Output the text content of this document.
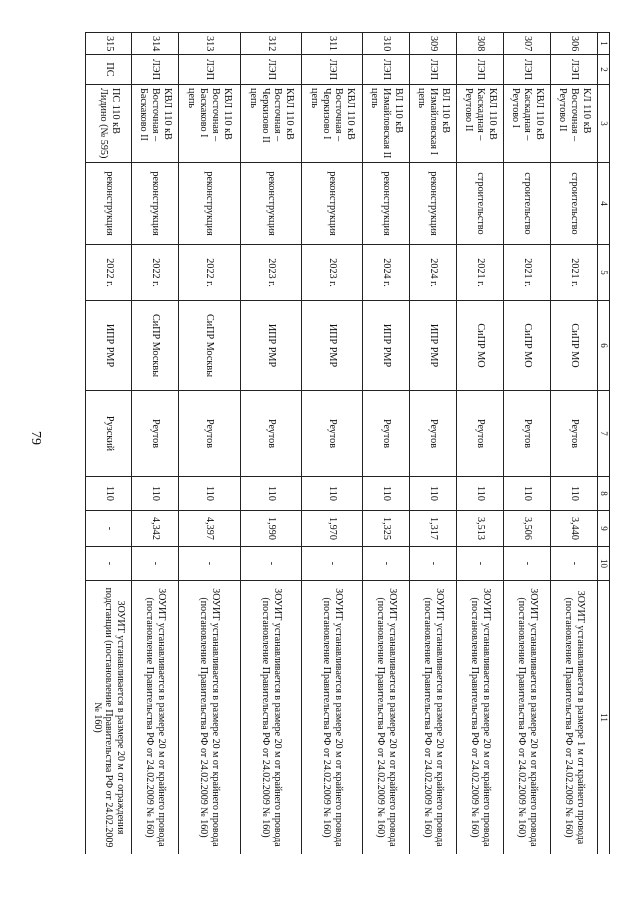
79
1	2	3	4	5	6	7	8	9	10	11
306	ЛЭП	КЛ 110 кВ Восточная – Реутово II	строительство	2021 г.	СиПР МО	Реутов	110	3,440	-	ЗОУИТ устанавливается в размере 1 м от крайнего провода (постановление Правительства РФ от 24.02.2009 № 160)
307	ЛЭП	КВЛ 110 кВ Каскадная – Реутово I	строительство	2021 г.	СиПР МО	Реутов	110	3,506	-	ЗОУИТ устанавливается в размере 20 м от крайнего провода (постановление Правительства РФ от 24.02.2009 № 160)
308	ЛЭП	КВЛ 110 кВ Каскадная – Реутово II	строительство	2021 г.	СиПР МО	Реутов	110	3,513	-	ЗОУИТ устанавливается в размере 20 м от крайнего провода (постановление Правительства РФ от 24.02.2009 № 160)
309	ЛЭП	ВЛ 110 кВ Измайловская I цепь	реконструкция	2024 г.	ИПР РМР	Реутов	110	1,317	-	ЗОУИТ устанавливается в размере 20 м от крайнего провода (постановление Правительства РФ от 24.02.2009 № 160)
310	ЛЭП	ВЛ 110 кВ Измайловская II цепь	реконструкция	2024 г.	ИПР РМР	Реутов	110	1,325	-	ЗОУИТ устанавливается в размере 20 м от крайнего провода (постановление Правительства РФ от 24.02.2009 № 160)
311	ЛЭП	КВЛ 110 кВ Восточная – Черкизово I цепь	реконструкция	2023 г.	ИПР РМР	Реутов	110	1,970	-	ЗОУИТ устанавливается в размере 20 м от крайнего провода (постановление Правительства РФ от 24.02.2009 № 160)
312	ЛЭП	КВЛ 110 кВ Восточная – Черкизово II цепь	реконструкция	2023 г.	ИПР РМР	Реутов	110	1,990	-	ЗОУИТ устанавливается в размере 20 м от крайнего провода (постановление Правительства РФ от 24.02.2009 № 160)
313	ЛЭП	КВЛ 110 кВ Восточная – Баскаково I цепь	реконструкция	2022 г.	СиПР Москвы	Реутов	110	4,397	-	ЗОУИТ устанавливается в размере 20 м от крайнего провода (постановление Правительства РФ от 24.02.2009 № 160)
314	ЛЭП	КВЛ 110 кВ Восточная – Баскаково II	реконструкция	2022 г.	СиПР Москвы	Реутов	110	4,342	-	ЗОУИТ устанавливается в размере 20 м от крайнего провода (постановление Правительства РФ от 24.02.2009 № 160)
315	ПС	ПС 110 кВ Лидино (№ 595)	реконструкция	2022 г.	ИПР РМР	Рузский	110	-	-	ЗОУИТ устанавливается в размере 20 м от ограждения подстанции (постановление Правительства РФ от 24.02.2009 № 160)
